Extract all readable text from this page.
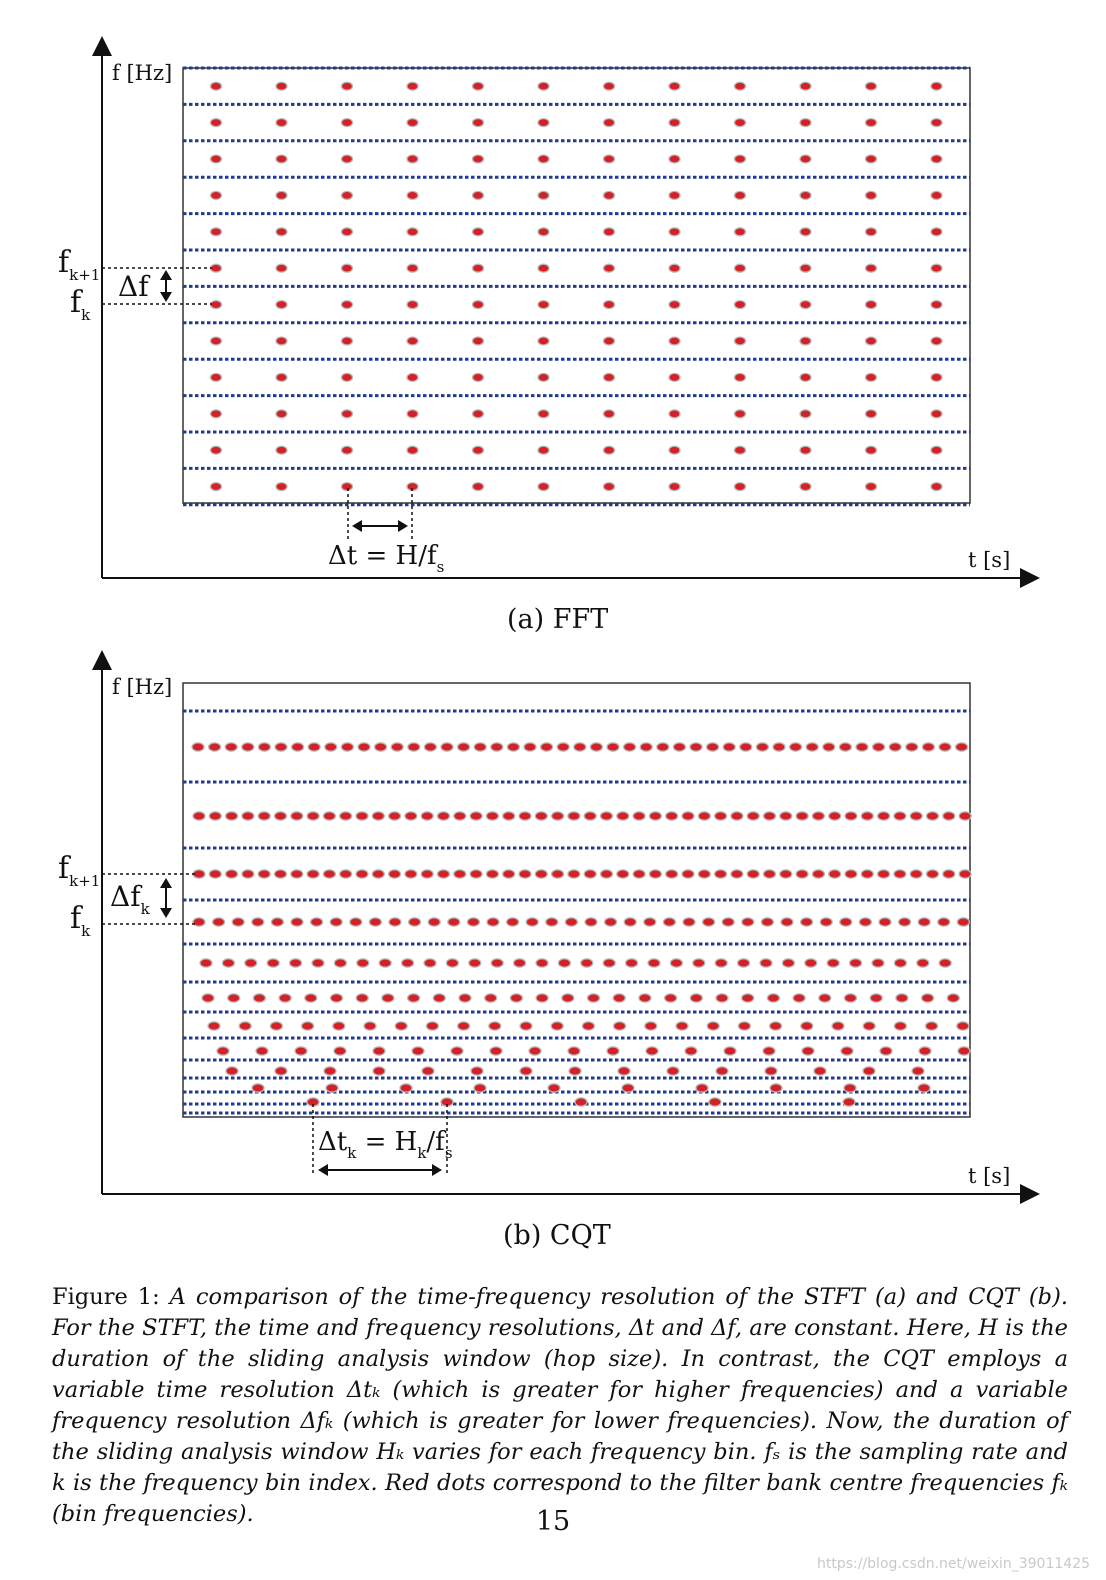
f [Hz]
t [s]
$f_{k+1}$
$f_k$
Δf
$\Delta t = H/f_s$
f [Hz]
t [s]
$f_{k+1}$
$f_k$
$\Delta f_k$
$\Delta t_k = H_k/f_s$
(a) FFT
(b) CQT
Figure 1: A comparison of the time-frequency resolution of the STFT (a) and CQT (b). For the STFT, the time and frequency resolutions, Δt and Δf, are constant. Here, H is the duration of the sliding analysis window (hop size). In contrast, the CQT employs a variable time resolution Δtₖ (which is greater for higher frequencies) and a variable frequency resolution Δfₖ (which is greater for lower frequencies). Now, the duration of the sliding analysis window Hₖ varies for each frequency bin. fₛ is the sampling rate and k is the frequency bin index. Red dots correspond to the filter bank centre frequencies fₖ (bin frequencies).	15
https://blog.csdn.net/weixin_39011425
